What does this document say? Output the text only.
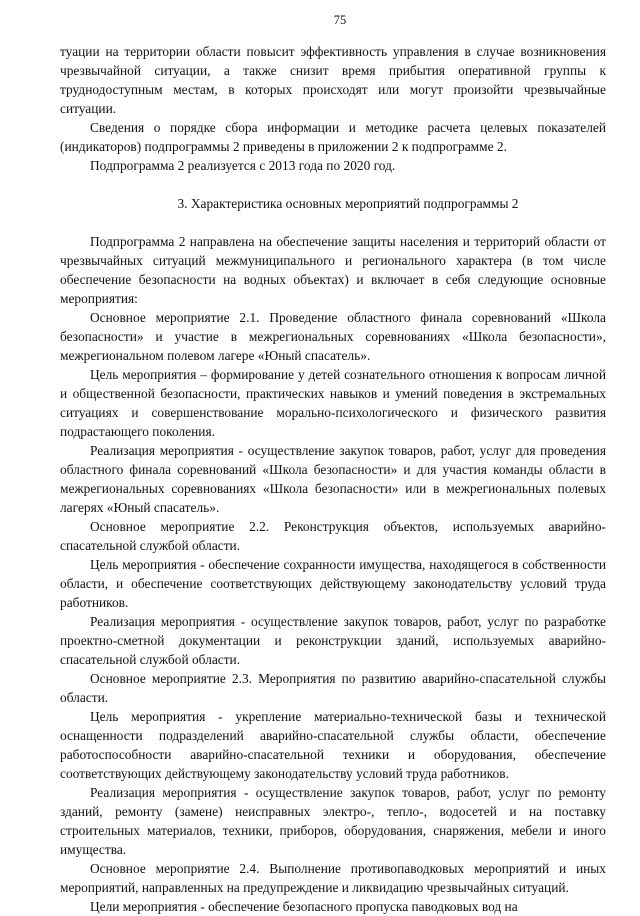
75

туации на территории области повысит эффективность управления в случае возникновения чрезвычайной ситуации, а также снизит время прибытия оперативной группы к труднодоступным местам, в которых происходят или могут произойти чрезвычайные ситуации.

Сведения о порядке сбора информации и методике расчета целевых показателей (индикаторов) подпрограммы 2 приведены в приложении 2 к подпрограмме 2.

Подпрограмма 2 реализуется с 2013 года по 2020 год.

3. Характеристика основных мероприятий подпрограммы 2

Подпрограмма 2 направлена на обеспечение защиты населения и территорий области от чрезвычайных ситуаций межмуниципального и регионального характера (в том числе обеспечение безопасности на водных объектах) и включает в себя следующие основные мероприятия:

Основное мероприятие 2.1. Проведение областного финала соревнований «Школа безопасности» и участие в межрегиональных соревнованиях «Школа безопасности», межрегиональном полевом лагере «Юный спасатель».

Цель мероприятия – формирование у детей сознательного отношения к вопросам личной и общественной безопасности, практических навыков и умений поведения в экстремальных ситуациях и совершенствование морально-психологического и физического развития подрастающего поколения.

Реализация мероприятия - осуществление закупок товаров, работ, услуг для проведения областного финала соревнований «Школа безопасности» и для участия команды области в межрегиональных соревнованиях «Школа безопасности» или в межрегиональных полевых лагерях «Юный спасатель».

Основное мероприятие 2.2. Реконструкция объектов, используемых аварийно-спасательной службой области.

Цель мероприятия - обеспечение сохранности имущества, находящегося в собственности области, и обеспечение соответствующих действующему законодательству условий труда работников.

Реализация мероприятия - осуществление закупок товаров, работ, услуг по разработке проектно-сметной документации и реконструкции зданий, используемых аварийно-спасательной службой области.

Основное мероприятие 2.3. Мероприятия по развитию аварийно-спасательной службы области.

Цель мероприятия - укрепление материально-технической базы и технической оснащенности подразделений аварийно-спасательной службы области, обеспечение работоспособности аварийно-спасательной техники и оборудования, обеспечение соответствующих действующему законодательству условий труда работников.

Реализация мероприятия - осуществление закупок товаров, работ, услуг по ремонту зданий, ремонту (замене) неисправных электро-, тепло-, водосетей и на поставку строительных материалов, техники, приборов, оборудования, снаряжения, мебели и иного имущества.

Основное мероприятие 2.4. Выполнение противопаводковых мероприятий и иных мероприятий, направленных на предупреждение и ликвидацию чрезвычайных ситуаций.

Цели мероприятия - обеспечение безопасного пропуска паводковых вод на
